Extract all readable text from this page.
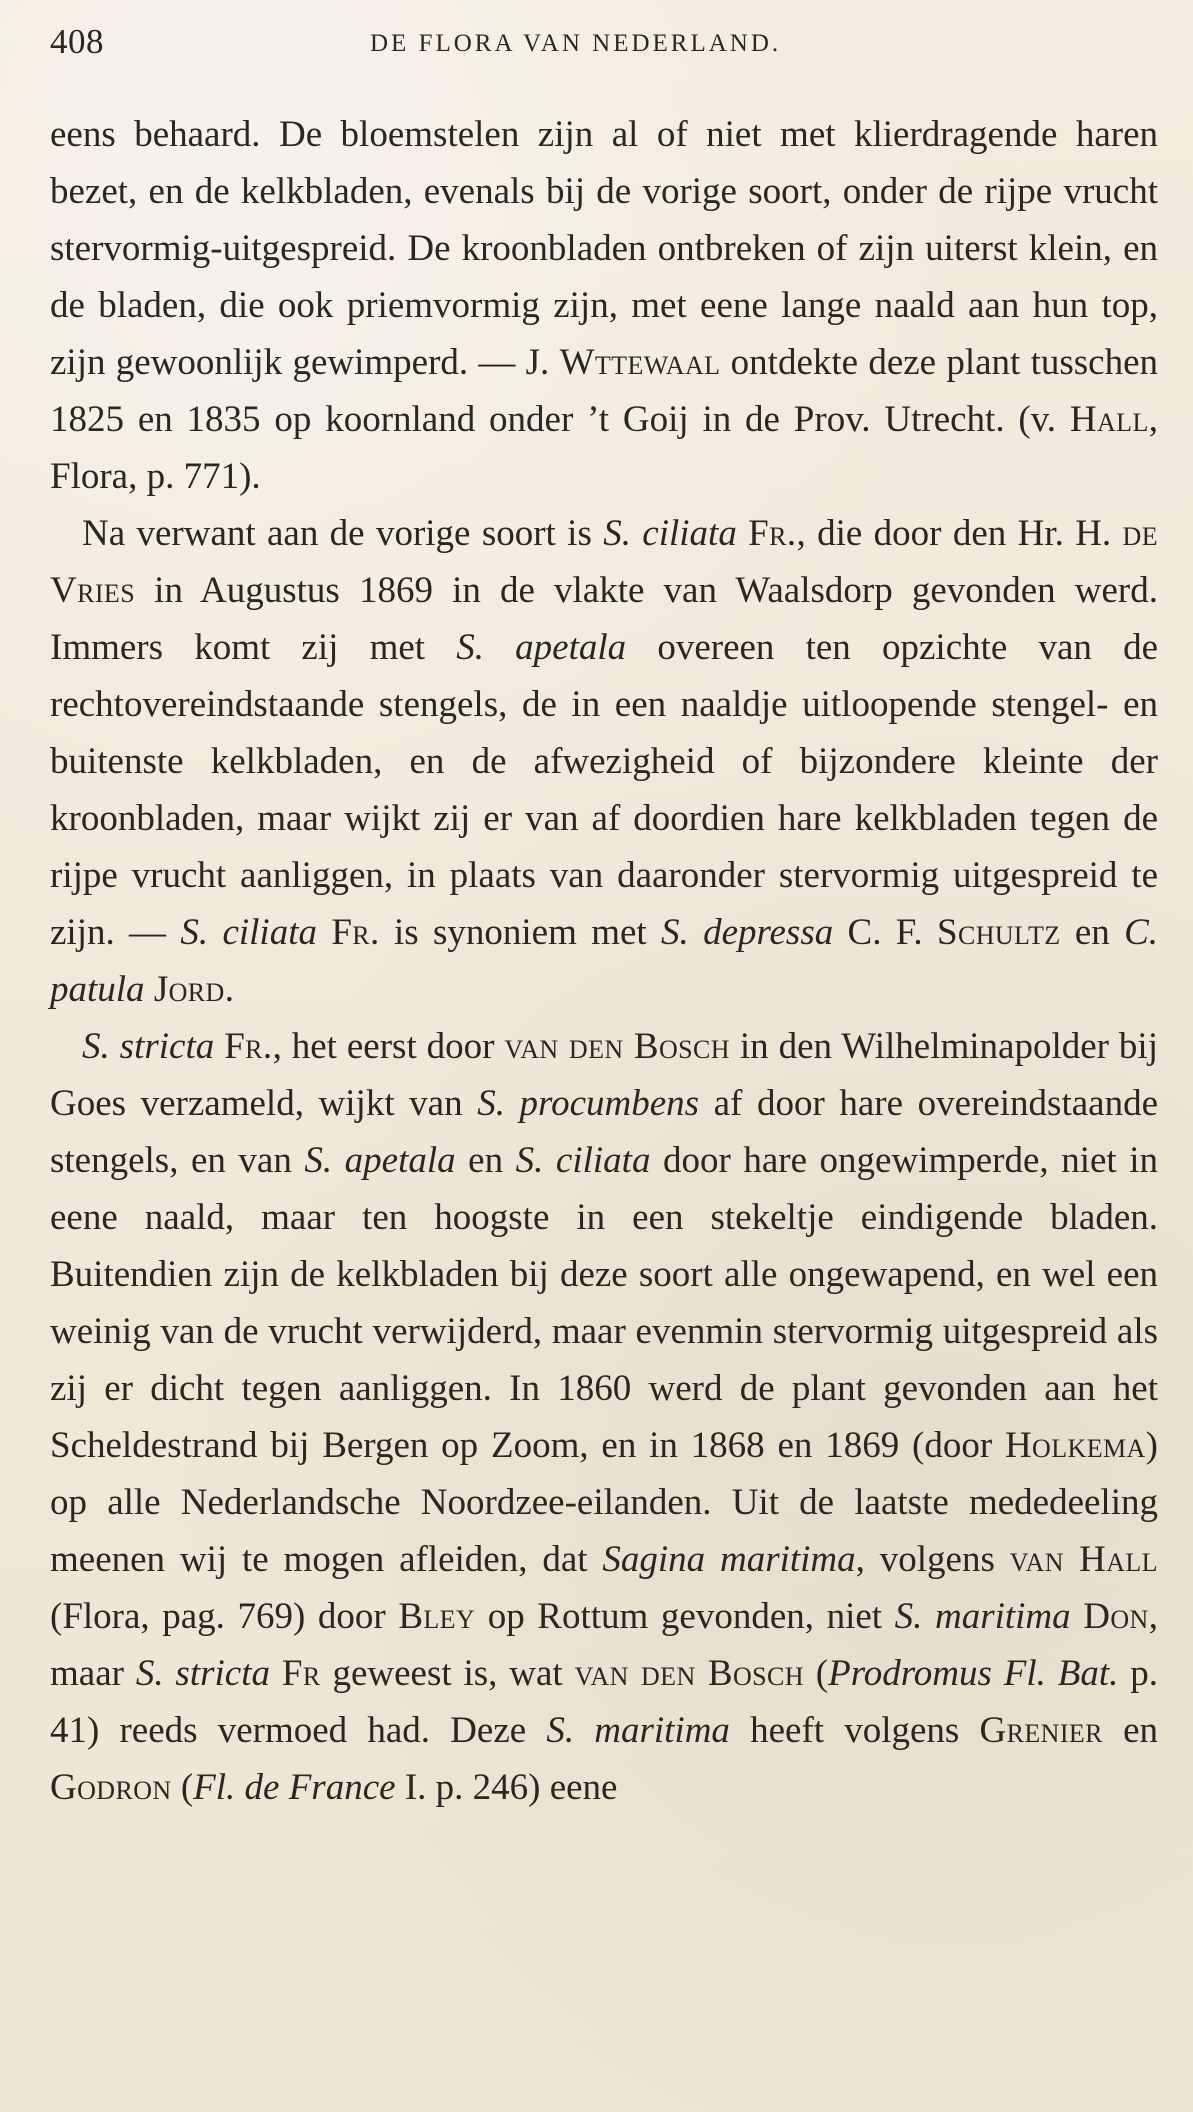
408	DE FLORA VAN NEDERLAND.

eens behaard. De bloemstelen zijn al of niet met klierdragende haren bezet, en de kelkbladen, evenals bij de vorige soort, onder de rijpe vrucht stervormig-uitgespreid. De kroonbladen ontbreken of zijn uiterst klein, en de bladen, die ook priemvormig zijn, met eene lange naald aan hun top, zijn gewoonlijk gewimperd. — J. Wttewaal ontdekte deze plant tusschen 1825 en 1835 op koornland onder ’t Goij in de Prov. Utrecht. (v. Hall, Flora, p. 771).

Na verwant aan de vorige soort is S. ciliata Fr., die door den Hr. H. de Vries in Augustus 1869 in de vlakte van Waalsdorp gevonden werd. Immers komt zij met S. apetala overeen ten opzichte van de rechtovereindstaande stengels, de in een naaldje uitloopende stengel- en buitenste kelkbladen, en de afwezigheid of bijzondere kleinte der kroonbladen, maar wijkt zij er van af doordien hare kelkbladen tegen de rijpe vrucht aanliggen, in plaats van daaronder stervormig uitgespreid te zijn. — S. ciliata Fr. is synoniem met S. depressa C. F. Schultz en C. patula Jord.

S. stricta Fr., het eerst door van den Bosch in den Wilhelminapolder bij Goes verzameld, wijkt van S. procumbens af door hare overeindstaande stengels, en van S. apetala en S. ciliata door hare ongewimperde, niet in eene naald, maar ten hoogste in een stekeltje eindigende bladen. Buitendien zijn de kelkbladen bij deze soort alle ongewapend, en wel een weinig van de vrucht verwijderd, maar evenmin stervormig uitgespreid als zij er dicht tegen aanliggen. In 1860 werd de plant gevonden aan het Scheldestrand bij Bergen op Zoom, en in 1868 en 1869 (door Holkema) op alle Nederlandsche Noordzee-eilanden. Uit de laatste mededeeling meenen wij te mogen afleiden, dat Sagina maritima, volgens van Hall (Flora, pag. 769) door Bley op Rottum gevonden, niet S. maritima Don, maar S. stricta Fr geweest is, wat van den Bosch (Prodromus Fl. Bat. p. 41) reeds vermoed had. Deze S. maritima heeft volgens Grenier en Godron (Fl. de France I. p. 246) eene
